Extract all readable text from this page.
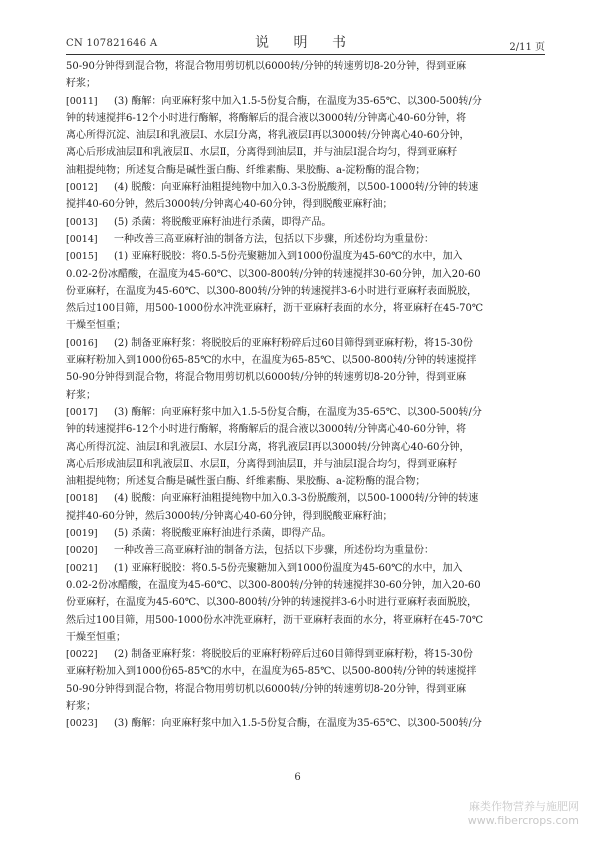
CN 107821646 A	说 明 书	2/11 页
50-90分钟得到混合物，将混合物用剪切机以6000转/分钟的转速剪切8-20分钟，得到亚麻
籽浆；
[0011] (3) 酶解：向亚麻籽浆中加入1.5-5份复合酶，在温度为35-65℃、以300-500转/分
钟的转速搅拌6-12个小时进行酶解，将酶解后的混合液以3000转/分钟离心40-60分钟，将
离心所得沉淀、油层Ⅰ和乳液层Ⅰ、水层Ⅰ分离，将乳液层Ⅰ再以3000转/分钟离心40-60分钟，
离心后形成油层Ⅱ和乳液层Ⅱ、水层Ⅱ，分离得到油层Ⅱ，并与油层Ⅰ混合均匀，得到亚麻籽
油粗提纯物；所述复合酶是碱性蛋白酶、纤维素酶、果胶酶、a-淀粉酶的混合物；
[0012] (4) 脱酸：向亚麻籽油粗提纯物中加入0.3-3份脱酸剂，以500-1000转/分钟的转速
搅拌40-60分钟，然后3000转/分钟离心40-60分钟，得到脱酸亚麻籽油；
[0013] (5) 杀菌：将脱酸亚麻籽油进行杀菌，即得产品。
[0014] 一种改善三高亚麻籽油的制备方法，包括以下步骤，所述份均为重量份：
[0015] (1) 亚麻籽脱胶：将0.5-5份壳聚糖加入到1000份温度为45-60℃的水中，加入
0.02-2份冰醋酸，在温度为45-60℃、以300-800转/分钟的转速搅拌30-60分钟，加入20-60
份亚麻籽，在温度为45-60℃、以300-800转/分钟的转速搅拌3-6小时进行亚麻籽表面脱胶，
然后过100目筛，用500-1000份水冲洗亚麻籽，沥干亚麻籽表面的水分，将亚麻籽在45-70℃
干燥至恒重；
[0016] (2) 制备亚麻籽浆：将脱胶后的亚麻籽粉碎后过60目筛得到亚麻籽粉，将15-30份
亚麻籽粉加入到1000份65-85℃的水中，在温度为65-85℃、以500-800转/分钟的转速搅拌
50-90分钟得到混合物，将混合物用剪切机以6000转/分钟的转速剪切8-20分钟，得到亚麻
籽浆；
[0017] (3) 酶解：向亚麻籽浆中加入1.5-5份复合酶，在温度为35-65℃、以300-500转/分
钟的转速搅拌6-12个小时进行酶解，将酶解后的混合液以3000转/分钟离心40-60分钟，将
离心所得沉淀、油层Ⅰ和乳液层Ⅰ、水层Ⅰ分离，将乳液层Ⅰ再以3000转/分钟离心40-60分钟，
离心后形成油层Ⅱ和乳液层Ⅱ、水层Ⅱ，分离得到油层Ⅱ，并与油层Ⅰ混合均匀，得到亚麻籽
油粗提纯物；所述复合酶是碱性蛋白酶、纤维素酶、果胶酶、a-淀粉酶的混合物；
[0018] (4) 脱酸：向亚麻籽油粗提纯物中加入0.3-3份脱酸剂，以500-1000转/分钟的转速
搅拌40-60分钟，然后3000转/分钟离心40-60分钟，得到脱酸亚麻籽油；
[0019] (5) 杀菌：将脱酸亚麻籽油进行杀菌，即得产品。
[0020] 一种改善三高亚麻籽油的制备方法，包括以下步骤，所述份均为重量份：
[0021] (1) 亚麻籽脱胶：将0.5-5份壳聚糖加入到1000份温度为45-60℃的水中，加入
0.02-2份冰醋酸，在温度为45-60℃、以300-800转/分钟的转速搅拌30-60分钟，加入20-60
份亚麻籽，在温度为45-60℃、以300-800转/分钟的转速搅拌3-6小时进行亚麻籽表面脱胶，
然后过100目筛，用500-1000份水冲洗亚麻籽，沥干亚麻籽表面的水分，将亚麻籽在45-70℃
干燥至恒重；
[0022] (2) 制备亚麻籽浆：将脱胶后的亚麻籽粉碎后过60目筛得到亚麻籽粉，将15-30份
亚麻籽粉加入到1000份65-85℃的水中，在温度为65-85℃、以500-800转/分钟的转速搅拌
50-90分钟得到混合物，将混合物用剪切机以6000转/分钟的转速剪切8-20分钟，得到亚麻
籽浆；
[0023] (3) 酶解：向亚麻籽浆中加入1.5-5份复合酶，在温度为35-65℃、以300-500转/分
6
麻类作物营养与施肥网
www.fibercrops.com
